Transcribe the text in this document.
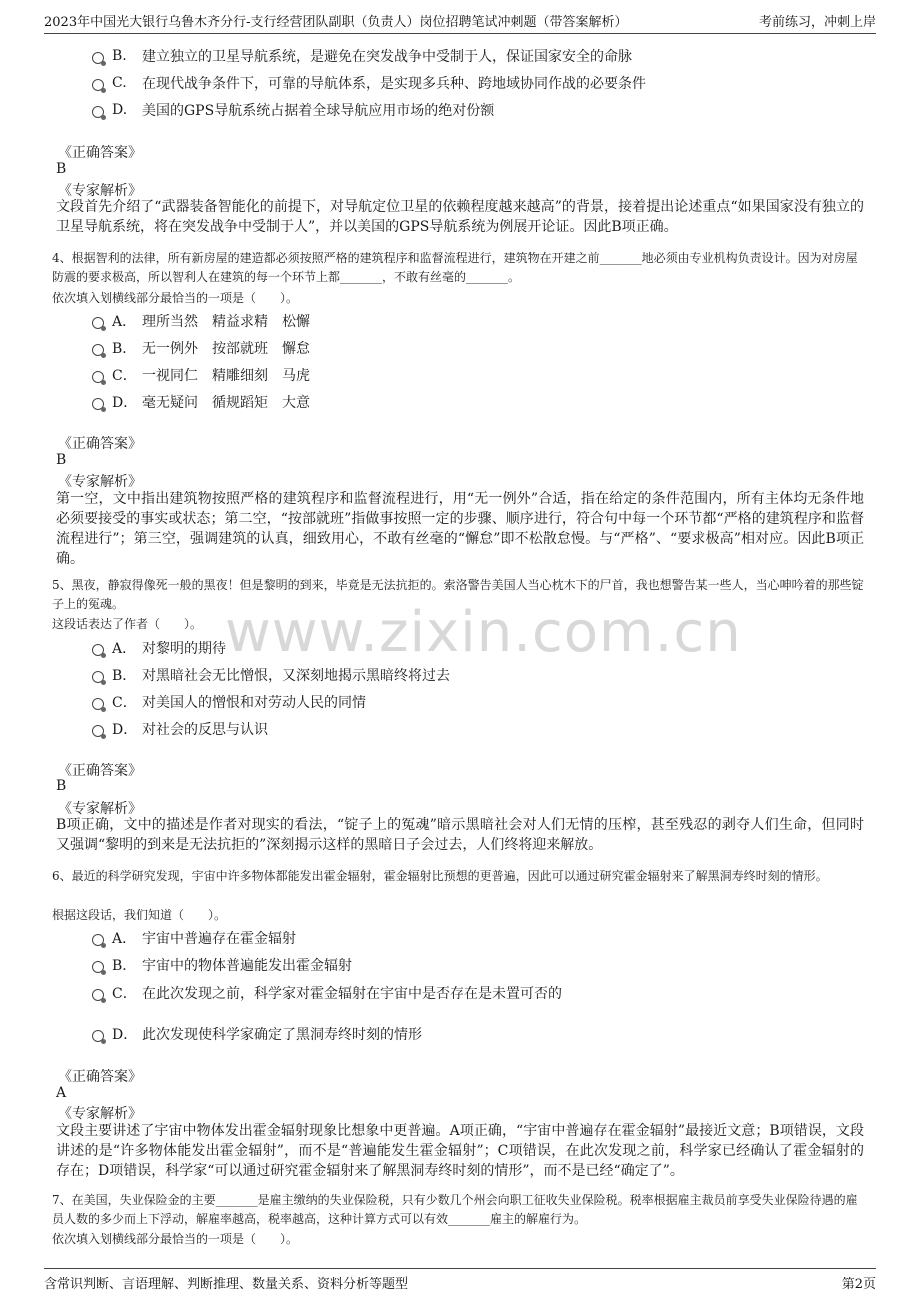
2023年中国光大银行乌鲁木齐分行-支行经营团队副职（负责人）岗位招聘笔试冲刺题（带答案解析）	考前练习，冲刺上岸
www.zixin.com.cn
B.	建立独立的卫星导航系统，是避免在突发战争中受制于人，保证国家安全的命脉
C.	在现代战争条件下，可靠的导航体系，是实现多兵种、跨地域协同作战的必要条件
D.	美国的GPS导航系统占据着全球导航应用市场的绝对份额
《正确答案》
B
《专家解析》
文段首先介绍了“武器装备智能化的前提下，对导航定位卫星的依赖程度越来越高”的背景，接着提出论述重点“如果国家没有独立的卫星导航系统，将在突发战争中受制于人”，并以美国的GPS导航系统为例展开论证。因此B项正确。
4、根据智利的法律，所有新房屋的建造都必须按照严格的建筑程序和监督流程进行，建筑物在开建之前_______地必须由专业机构负责设计。因为对房屋防震的要求极高，所以智利人在建筑的每一个环节上都_______，不敢有丝毫的_______。
依次填入划横线部分最恰当的一项是（　　）。
A． 理所当然　精益求精　松懈
B． 无一例外　按部就班　懈怠
C． 一视同仁　精雕细刻　马虎
D． 毫无疑问　循规蹈矩　大意
《正确答案》
B
《专家解析》
第一空，文中指出建筑物按照严格的建筑程序和监督流程进行，用“无一例外”合适，指在给定的条件范围内，所有主体均无条件地必须要接受的事实或状态；第二空，“按部就班”指做事按照一定的步骤、顺序进行，符合句中每一个环节都“严格的建筑程序和监督流程进行”；第三空，强调建筑的认真，细致用心，不敢有丝毫的“懈怠”即不松散怠慢。与“严格”、“要求极高”相对应。因此B项正确。
5、黑夜，静寂得像死一般的黑夜！但是黎明的到来，毕竟是无法抗拒的。索洛警告美国人当心枕木下的尸首，我也想警告某一些人，当心呻吟着的那些锭子上的冤魂。
这段话表达了作者（　　）。
A． 对黎明的期待
B． 对黑暗社会无比憎恨，又深刻地揭示黑暗终将过去
C． 对美国人的憎恨和对劳动人民的同情
D． 对社会的反思与认识
《正确答案》
B
《专家解析》
B项正确，文中的描述是作者对现实的看法，“锭子上的冤魂”暗示黑暗社会对人们无情的压榨，甚至残忍的剥夺人们生命，但同时又强调“黎明的到来是无法抗拒的”深刻揭示这样的黑暗日子会过去，人们终将迎来解放。
6、最近的科学研究发现，宇宙中许多物体都能发出霍金辐射，霍金辐射比预想的更普遍，因此可以通过研究霍金辐射来了解黑洞寿终时刻的情形。
根据这段话，我们知道（　　）。
A． 宇宙中普遍存在霍金辐射
B． 宇宙中的物体普遍能发出霍金辐射
C． 在此次发现之前，科学家对霍金辐射在宇宙中是否存在是未置可否的
D． 此次发现使科学家确定了黑洞寿终时刻的情形
《正确答案》
A
《专家解析》
文段主要讲述了宇宙中物体发出霍金辐射现象比想象中更普遍。A项正确，“宇宙中普遍存在霍金辐射”最接近文意；B项错误，文段讲述的是“许多物体能发出霍金辐射”，而不是“普遍能发生霍金辐射”；C项错误，在此次发现之前，科学家已经确认了霍金辐射的存在；D项错误，科学家“可以通过研究霍金辐射来了解黑洞寿终时刻的情形”，而不是已经“确定了”。
7、在美国，失业保险金的主要_______是雇主缴纳的失业保险税，只有少数几个州会向职工征收失业保险税。税率根据雇主裁员前享受失业保险待遇的雇员人数的多少而上下浮动，解雇率越高，税率越高，这种计算方式可以有效_______雇主的解雇行为。
依次填入划横线部分最恰当的一项是（　　）。
含常识判断、言语理解、判断推理、数量关系、资料分析等题型	第2页
